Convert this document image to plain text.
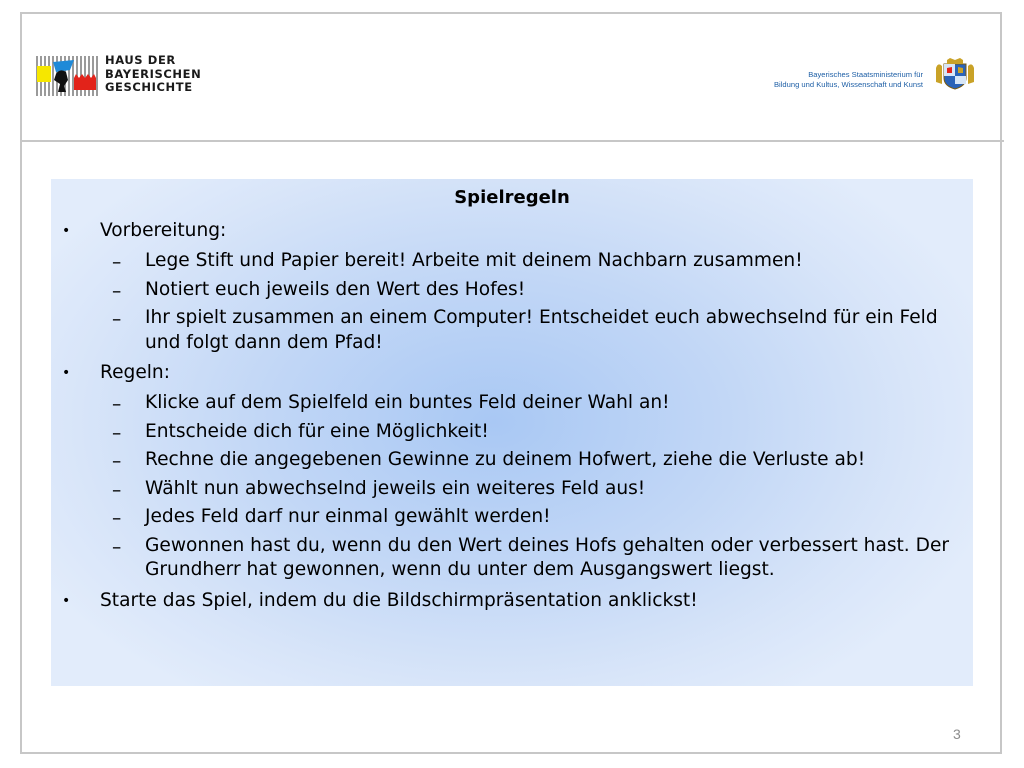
HAUS DER
BAYERISCHEN
GESCHICHTE
Bayerisches Staatsministerium für
Bildung und Kultus, Wissenschaft und Kunst
Spielregeln
• Vorbereitung:
– Lege Stift und Papier bereit! Arbeite mit deinem Nachbarn zusammen!
– Notiert euch jeweils den Wert des Hofes!
– Ihr spielt zusammen an einem Computer! Entscheidet euch abwechselnd für ein Feld und folgt dann dem Pfad!
• Regeln:
– Klicke auf dem Spielfeld ein buntes Feld deiner Wahl an!
– Entscheide dich für eine Möglichkeit!
– Rechne die angegebenen Gewinne zu deinem Hofwert, ziehe die Verluste ab!
– Wählt nun abwechselnd jeweils ein weiteres Feld aus!
– Jedes Feld darf nur einmal gewählt werden!
– Gewonnen hast du, wenn du den Wert deines Hofs gehalten oder verbessert hast. Der Grundherr hat gewonnen, wenn du unter dem Ausgangswert liegst.
• Starte das Spiel, indem du die Bildschirmpräsentation anklickst!
3
